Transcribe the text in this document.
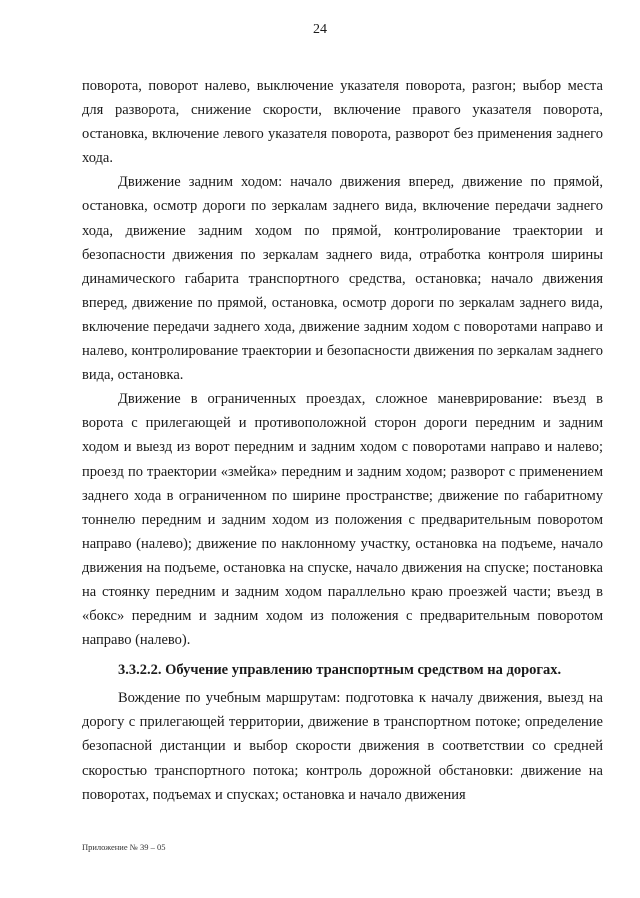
24

поворота, поворот налево, выключение указателя поворота, разгон; выбор места для разворота, снижение скорости, включение правого указателя поворота, остановка, включение левого указателя поворота, разворот без применения заднего хода.

Движение задним ходом: начало движения вперед, движение по прямой, остановка, осмотр дороги по зеркалам заднего вида, включение передачи заднего хода, движение задним ходом по прямой, контролирование траектории и безопасности движения по зеркалам заднего вида, отработка контроля ширины динамического габарита транспортного средства, остановка; начало движения вперед, движение по прямой, остановка, осмотр дороги по зеркалам заднего вида, включение передачи заднего хода, движение задним ходом с поворотами направо и налево, контролирование траектории и безопасности движения по зеркалам заднего вида, остановка.

Движение в ограниченных проездах, сложное маневрирование: въезд в ворота с прилегающей и противоположной сторон дороги передним и задним ходом и выезд из ворот передним и задним ходом с поворотами направо и налево; проезд по траектории «змейка» передним и задним ходом; разворот с применением заднего хода в ограниченном по ширине пространстве; движение по габаритному тоннелю передним и задним ходом из положения с предварительным поворотом направо (налево); движение по наклонному участку, остановка на подъеме, начало движения на подъеме, остановка на спуске, начало движения на спуске; постановка на стоянку передним и задним ходом параллельно краю проезжей части; въезд в «бокс» передним и задним ходом из положения с предварительным поворотом направо (налево).

3.3.2.2. Обучение управлению транспортным средством на дорогах.

Вождение по учебным маршрутам: подготовка к началу движения, выезд на дорогу с прилегающей территории, движение в транспортном потоке; определение безопасной дистанции и выбор скорости движения в соответствии со средней скоростью транспортного потока; контроль дорожной обстановки: движение на поворотах, подъемах и спусках; остановка и начало движения

Приложение № 39 – 05
